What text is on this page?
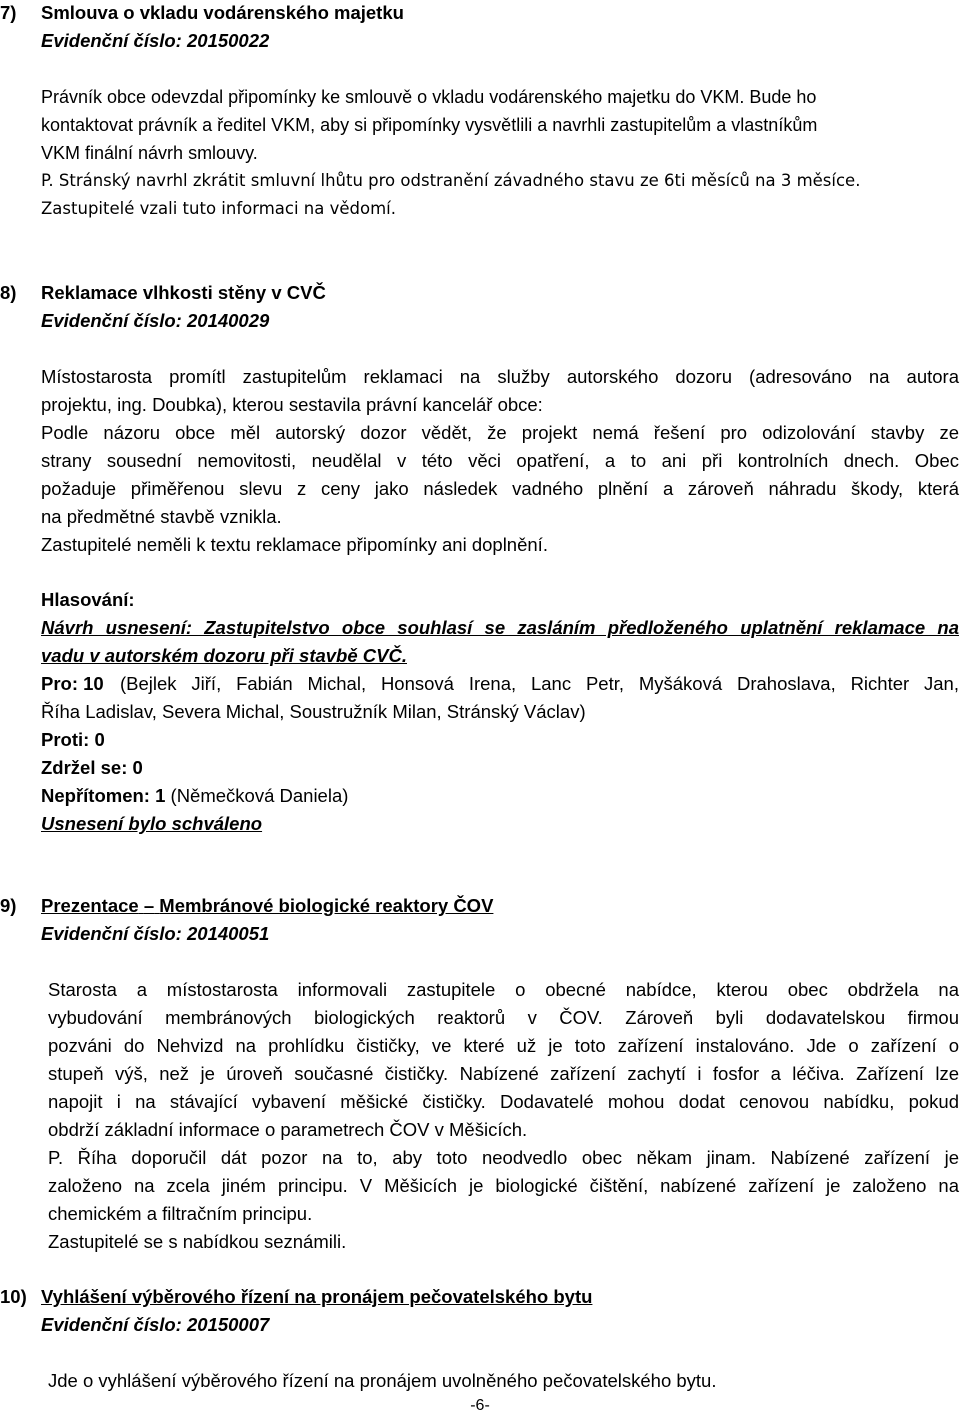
7) Smlouva o vkladu vodárenského majetku
Evidenční číslo: 20150022
Právník obce odevzdal připomínky ke smlouvě o vkladu vodárenského majetku do VKM. Bude ho
kontaktovat právník a ředitel VKM, aby si připomínky vysvětlili a navrhli zastupitelům a vlastníkům
VKM finální návrh smlouvy.
P. Stránský navrhl zkrátit smluvní lhůtu pro odstranění závadného stavu ze 6ti měsíců na 3 měsíce.
Zastupitelé vzali tuto informaci na vědomí.
8) Reklamace vlhkosti stěny v CVČ
Evidenční číslo: 20140029
Místostarosta promítl zastupitelům reklamaci na služby autorského dozoru (adresováno na autora
projektu, ing. Doubka), kterou sestavila právní kancelář obce:
Podle názoru obce měl autorský dozor vědět, že projekt nemá řešení pro odizolování stavby ze
strany sousední nemovitosti, neudělal v této věci opatření, a to ani při kontrolních dnech. Obec
požaduje přiměřenou slevu z ceny jako následek vadného plnění a zároveň náhradu škody, která
na předmětné stavbě vznikla.
Zastupitelé neměli k textu reklamace připomínky ani doplnění.
Hlasování:
Návrh usnesení: Zastupitelstvo obce souhlasí se zasláním předloženého uplatnění reklamace na
vadu v autorském dozoru při stavbě CVČ.
Pro: 10 (Bejlek Jiří, Fabián Michal, Honsová Irena, Lanc Petr, Myšáková Drahoslava, Richter Jan,
Říha Ladislav, Severa Michal, Soustružník Milan, Stránský Václav)
Proti: 0
Zdržel se: 0
Nepřítomen: 1 (Němečková Daniela)
Usnesení bylo schváleno
9) Prezentace – Membránové biologické reaktory ČOV
Evidenční číslo: 20140051
Starosta a místostarosta informovali zastupitele o obecné nabídce, kterou obec obdržela na
vybudování membránových biologických reaktorů v ČOV. Zároveň byli dodavatelskou firmou
pozváni do Nehvizd na prohlídku čističky, ve které už je toto zařízení instalováno. Jde o zařízení o
stupeň výš, než je úroveň současné čističky. Nabízené zařízení zachytí i fosfor a léčiva. Zařízení lze
napojit i na stávající vybavení měšické čističky. Dodavatelé mohou dodat cenovou nabídku, pokud
obdrží základní informace o parametrech ČOV v Měšicích.
P. Říha doporučil dát pozor na to, aby toto neodvedlo obec někam jinam. Nabízené zařízení je
založeno na zcela jiném principu. V Měšicích je biologické čištění, nabízené zařízení je založeno na
chemickém a filtračním principu.
Zastupitelé se s nabídkou seznámili.
10) Vyhlášení výběrového řízení na pronájem pečovatelského bytu
Evidenční číslo: 20150007
Jde o vyhlášení výběrového řízení na pronájem uvolněného pečovatelského bytu.
-6-
